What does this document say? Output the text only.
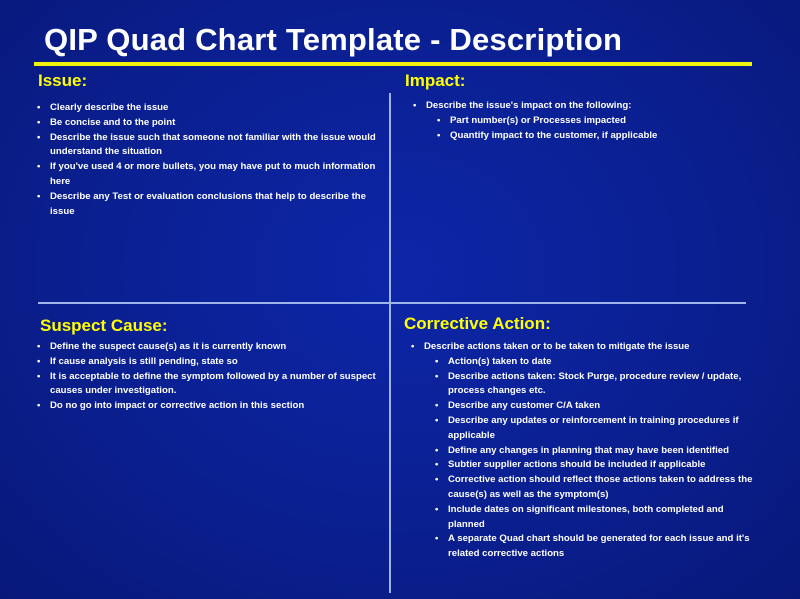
QIP Quad Chart Template - Description
Issue:
• Clearly describe the issue
• Be concise and to the point
• Describe the issue such that someone not familiar with the issue would understand the situation
• If you've used 4 or more bullets, you may have put to much information here
• Describe any Test or evaluation conclusions that help to describe the issue
Impact:
• Describe the issue's impact on the following:
• Part number(s) or Processes impacted
• Quantify impact to the customer, if applicable
Suspect Cause:
• Define the suspect cause(s) as it is currently known
• If cause analysis is still pending, state so
• It is acceptable to define the symptom followed by a number of suspect causes under investigation.
• Do no go into impact or corrective action in this section
Corrective Action:
• Describe actions taken or to be taken to mitigate the issue
• Action(s) taken to date
• Describe actions taken: Stock Purge, procedure review / update, process changes etc.
• Describe any customer C/A taken
• Describe any updates or reinforcement in training procedures if applicable
• Define any changes in planning that may have been identified
• Subtier supplier actions should be included if applicable
• Corrective action should reflect those actions taken to address the cause(s) as well as the symptom(s)
• Include dates on significant milestones, both completed and planned
• A separate Quad chart should be generated for each issue and it's related corrective actions
